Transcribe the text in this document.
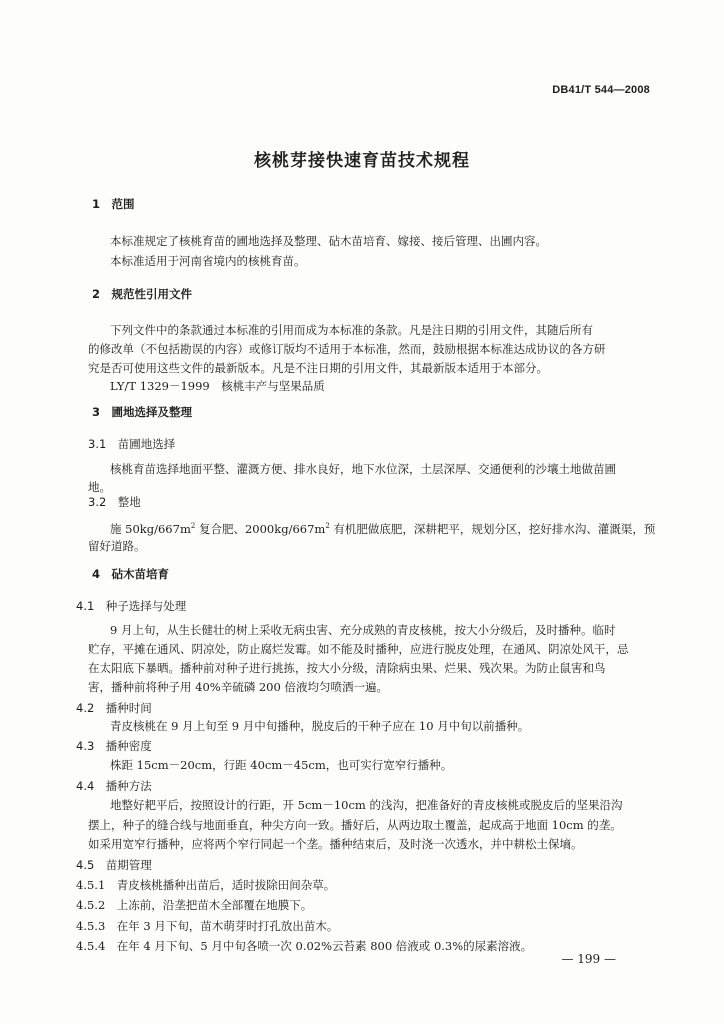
DB41/T 544—2008
核桃芽接快速育苗技术规程
1　范围
本标准规定了核桃育苗的圃地选择及整理、砧木苗培育、嫁接、接后管理、出圃内容。
本标准适用于河南省境内的核桃育苗。
2　规范性引用文件
下列文件中的条款通过本标准的引用而成为本标准的条款。凡是注日期的引用文件，其随后所有
的修改单（不包括勘误的内容）或修订版均不适用于本标准，然而，鼓励根据本标准达成协议的各方研
究是否可使用这些文件的最新版本。凡是不注日期的引用文件，其最新版本适用于本部分。
LY/T 1329－1999　核桃丰产与坚果品质
3　圃地选择及整理
3.1　苗圃地选择
核桃育苗选择地面平整、灌溉方便、排水良好，地下水位深，土层深厚、交通便利的沙壤土地做苗圃
地。
3.2　整地
施 $50kg/667m^2$ 复合肥、$2000kg/667m^2$ 有机肥做底肥，深耕耙平，规划分区，挖好排水沟、灌溉渠，预
留好道路。
4　砧木苗培育
4.1　种子选择与处理
9 月上旬，从生长健壮的树上采收无病虫害、充分成熟的青皮核桃，按大小分级后，及时播种。临时
贮存，平摊在通风、阴凉处，防止腐烂发霉。如不能及时播种，应进行脱皮处理，在通风、阴凉处风干，忌
在太阳底下暴晒。播种前对种子进行挑拣，按大小分级，清除病虫果、烂果、残次果。为防止鼠害和鸟
害，播种前将种子用 40%辛硫磷 200 倍液均匀喷洒一遍。
4.2　播种时间
青皮核桃在 9 月上旬至 9 月中旬播种，脱皮后的干种子应在 10 月中旬以前播种。
4.3　播种密度
株距 15cm－20cm，行距 40cm－45cm，也可实行宽窄行播种。
4.4　播种方法
地整好耙平后，按照设计的行距，开 5cm－10cm 的浅沟，把准备好的青皮核桃或脱皮后的坚果沿沟
摆上，种子的缝合线与地面垂直，种尖方向一致。播好后，从两边取土覆盖，起成高于地面 10cm 的垄。
如采用宽窄行播种，应将两个窄行同起一个垄。播种结束后，及时浇一次透水，并中耕松土保墒。
4.5　苗期管理
4.5.1　青皮核桃播种出苗后，适时拔除田间杂草。
4.5.2　上冻前，沿垄把苗木全部覆在地膜下。
4.5.3　在年 3 月下旬，苗木萌芽时打孔放出苗木。
4.5.4　在年 4 月下旬、5 月中旬各喷一次 0.02%云苔素 800 倍液或 0.3%的尿素溶液。
— 199 —
